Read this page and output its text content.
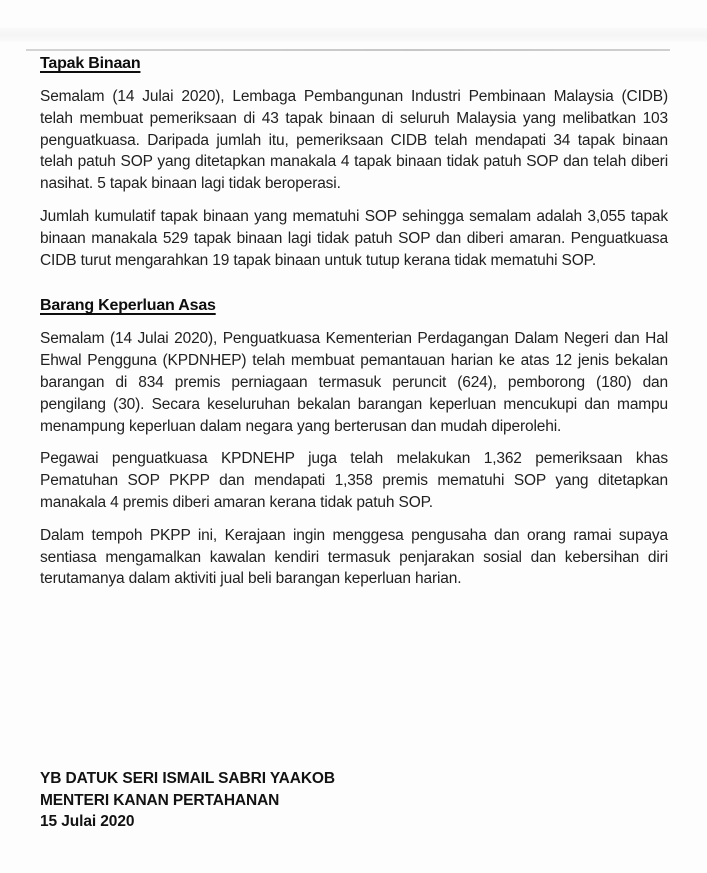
Tapak Binaan

Semalam (14 Julai 2020), Lembaga Pembangunan Industri Pembinaan Malaysia (CIDB) telah membuat pemeriksaan di 43 tapak binaan di seluruh Malaysia yang melibatkan 103 penguatkuasa. Daripada jumlah itu, pemeriksaan CIDB telah mendapati 34 tapak binaan telah patuh SOP yang ditetapkan manakala 4 tapak binaan tidak patuh SOP dan telah diberi nasihat. 5 tapak binaan lagi tidak beroperasi.

Jumlah kumulatif tapak binaan yang mematuhi SOP sehingga semalam adalah 3,055 tapak binaan manakala 529 tapak binaan lagi tidak patuh SOP dan diberi amaran. Penguatkuasa CIDB turut mengarahkan 19 tapak binaan untuk tutup kerana tidak mematuhi SOP.

Barang Keperluan Asas

Semalam (14 Julai 2020), Penguatkuasa Kementerian Perdagangan Dalam Negeri dan Hal Ehwal Pengguna (KPDNHEP) telah membuat pemantauan harian ke atas 12 jenis bekalan barangan di 834 premis perniagaan termasuk peruncit (624), pemborong (180) dan pengilang (30). Secara keseluruhan bekalan barangan keperluan mencukupi dan mampu menampung keperluan dalam negara yang berterusan dan mudah diperolehi.

Pegawai penguatkuasa KPDNEHP juga telah melakukan 1,362 pemeriksaan khas Pematuhan SOP PKPP dan mendapati 1,358 premis mematuhi SOP yang ditetapkan manakala 4 premis diberi amaran kerana tidak patuh SOP.

Dalam tempoh PKPP ini, Kerajaan ingin menggesa pengusaha dan orang ramai supaya sentiasa mengamalkan kawalan kendiri termasuk penjarakan sosial dan kebersihan diri terutamanya dalam aktiviti jual beli barangan keperluan harian.

YB DATUK SERI ISMAIL SABRI YAAKOB
MENTERI KANAN PERTAHANAN
15 Julai 2020
